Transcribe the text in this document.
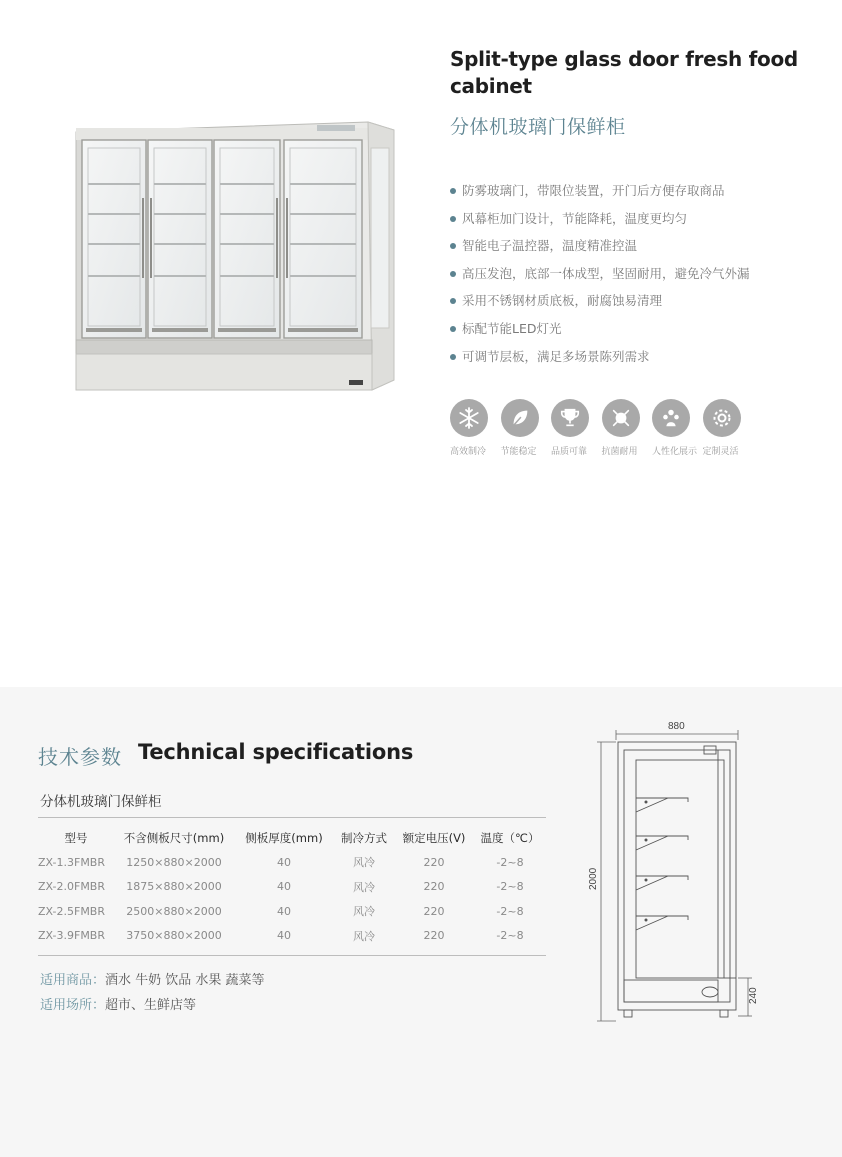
Split-type glass door fresh food cabinet
分体机玻璃门保鲜柜
防雾玻璃门，带限位装置，开门后方便存取商品
风幕柜加门设计，节能降耗，温度更均匀
智能电子温控器，温度精准控温
高压发泡，底部一体成型，坚固耐用，避免冷气外漏
采用不锈钢材质底板，耐腐蚀易清理
标配节能LED灯光
可调节层板，满足多场景陈列需求
高效制冷 节能稳定 品质可靠 抗菌耐用 人性化展示 定制灵活
技术参数 Technical specifications
分体机玻璃门保鲜柜
型号	不含侧板尺寸(mm)	侧板厚度(mm)	制冷方式	额定电压(V)	温度（℃）
ZX-1.3FMBR	1250×880×2000	40	风冷	220	-2~8
ZX-2.0FMBR	1875×880×2000	40	风冷	220	-2~8
ZX-2.5FMBR	2500×880×2000	40	风冷	220	-2~8
ZX-3.9FMBR	3750×880×2000	40	风冷	220	-2~8
适用商品：酒水 牛奶 饮品 水果 蔬菜等
适用场所：超市、生鲜店等
880
2000
240
